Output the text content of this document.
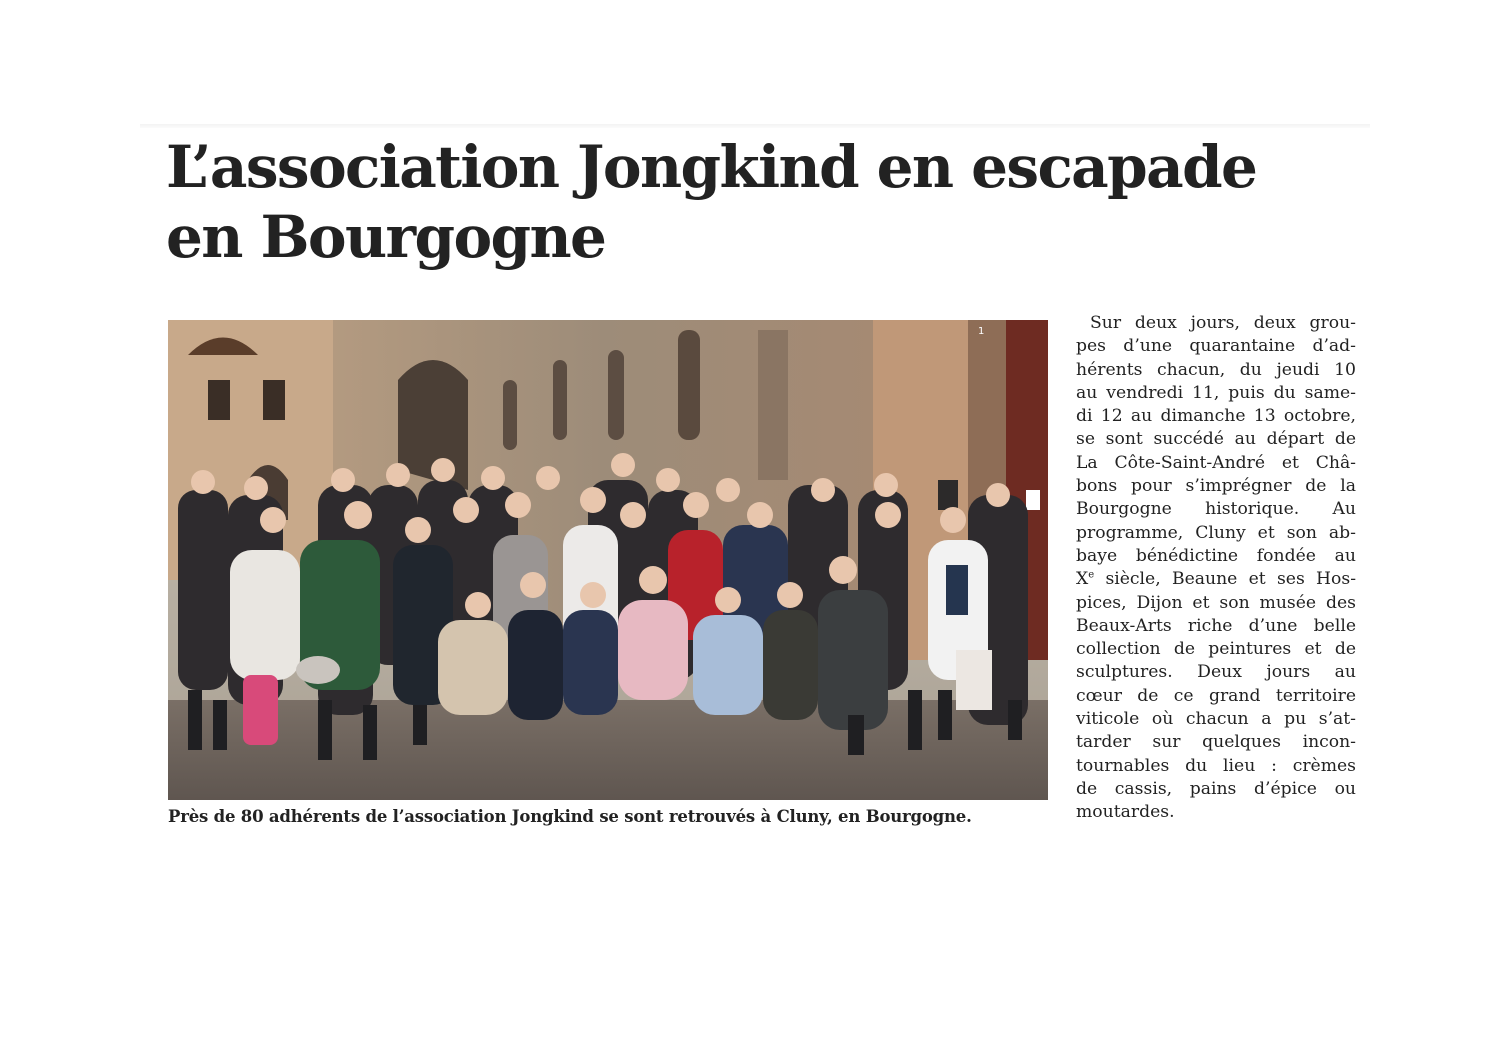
L’association Jongkind en escapade
en Bourgogne
1

Près de 80 adhérents de l’association Jongkind se sont retrouvés à Cluny, en Bourgogne.

Sur deux jours, deux grou-
pes d’une quarantaine d’ad-
hérents chacun, du jeudi 10
au vendredi 11, puis du same-
di 12 au dimanche 13 octobre,
se sont succédé au départ de
La Côte-Saint-André et Châ-
bons pour s’imprégner de la
Bourgogne historique. Au
programme, Cluny et son ab-
baye bénédictine fondée au
Xe siècle, Beaune et ses Hos-
pices, Dijon et son musée des
Beaux-Arts riche d’une belle
collection de peintures et de
sculptures. Deux jours au
cœur de ce grand territoire
viticole où chacun a pu s’at-
tarder sur quelques incon-
tournables du lieu : crèmes
de cassis, pains d’épice ou
moutardes.
